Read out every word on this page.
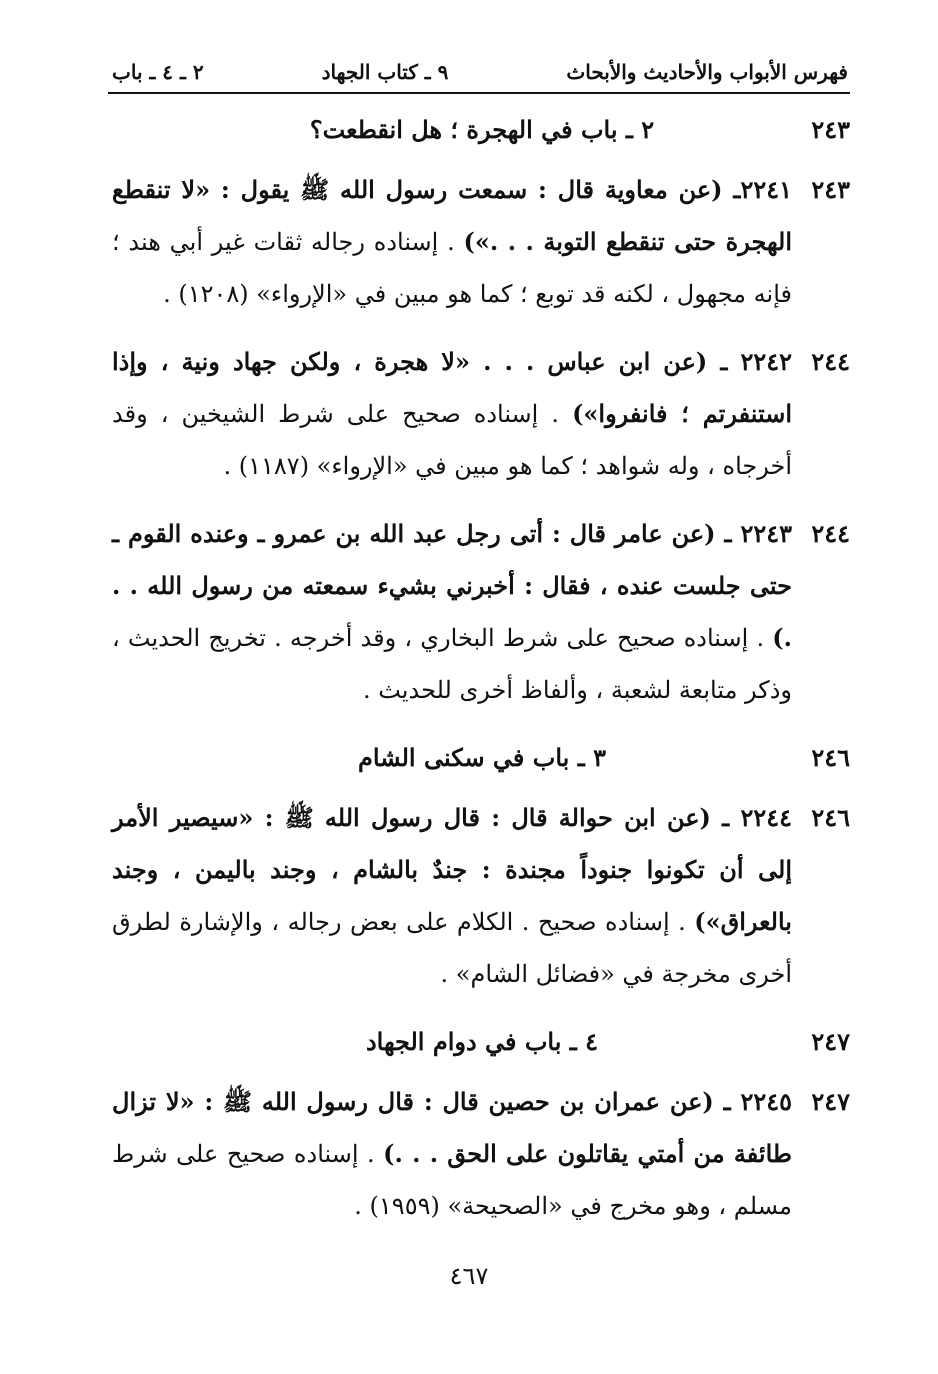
فهرس الأبواب والأحاديث والأبحاث
٩ ـ كتاب الجهاد
٢ ـ ٤ ـ باب
٢٤٣
٢ ـ باب في الهجرة ؛ هل انقطعت؟
٢٤٣
٢٢٤١ـ (عن معاوية قال : سمعت رسول الله ﷺ يقول : «لا تنقطع الهجرة حتى تنقطع التوبة . . .») . إسناده رجاله ثقات غير أبي هند ؛ فإنه مجهول ، لكنه قد توبع ؛ كما هو مبين في «الإرواء» (١٢٠٨) .
٢٤٤
٢٢٤٢ ـ (عن ابن عباس . . . «لا هجرة ، ولكن جهاد ونية ، وإذا استنفرتم ؛ فانفروا») . إسناده صحيح على شرط الشيخين ، وقد أخرجاه ، وله شواهد ؛ كما هو مبين في «الإرواء» (١١٨٧) .
٢٤٤
٢٢٤٣ ـ (عن عامر قال : أتى رجل عبد الله بن عمرو ـ وعنده القوم ـ حتى جلست عنده ، فقال : أخبرني بشيء سمعته من رسول الله . . .) . إسناده صحيح على شرط البخاري ، وقد أخرجه . تخريج الحديث ، وذكر متابعة لشعبة ، وألفاظ أخرى للحديث .
٢٤٦
٣ ـ باب في سكنى الشام
٢٤٦
٢٢٤٤ ـ (عن ابن حوالة قال : قال رسول الله ﷺ : «سيصير الأمر إلى أن تكونوا جنوداً مجندة : جندٌ بالشام ، وجند باليمن ، وجند بالعراق») . إسناده صحيح . الكلام على بعض رجاله ، والإشارة لطرق أخرى مخرجة في «فضائل الشام» .
٢٤٧
٤ ـ باب في دوام الجهاد
٢٤٧
٢٢٤٥ ـ (عن عمران بن حصين قال : قال رسول الله ﷺ : «لا تزال طائفة من أمتي يقاتلون على الحق . . .) . إسناده صحيح على شرط مسلم ، وهو مخرج في «الصحيحة» (١٩٥٩) .
٤٦٧
